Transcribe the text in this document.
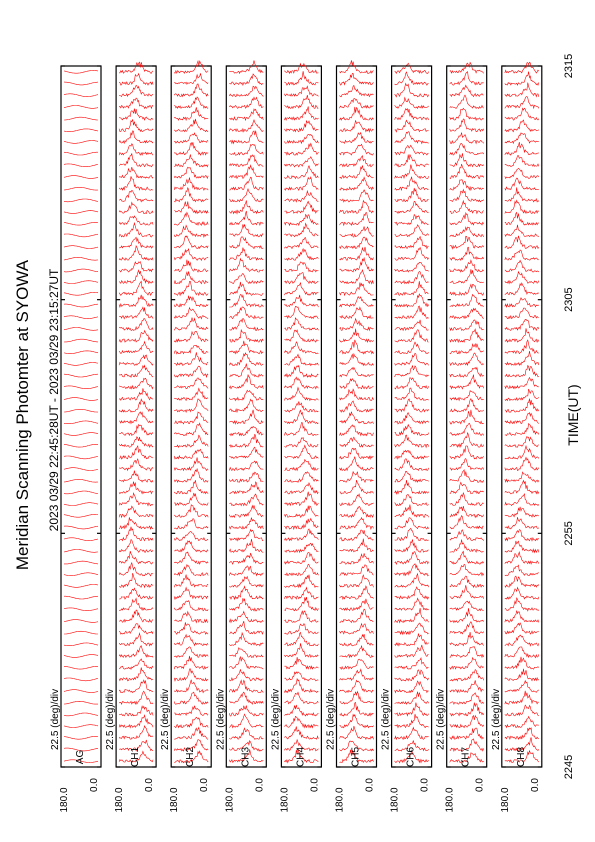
Meridian Scanning Photomter at SYOWA 2023 03/29 22:45:28UT - 2023 03/29 23:15:27UT	TIME(UT)
180.0
0.0
AG
22.5 (deg)/div
180.0
0.0
CH1
22.5 (deg)/div
180.0
0.0
CH2
22.5 (deg)/div
180.0
0.0
CH3
22.5 (deg)/div
180.0
0.0
CH4
22.5 (deg)/div
180.0
0.0
CH5
22.5 (deg)/div
180.0
0.0
CH6
22.5 (deg)/div
180.0
0.0
CH7
22.5 (deg)/div
180.0
0.0
CH8
22.5 (deg)/div
2245
2255
2305
2315
